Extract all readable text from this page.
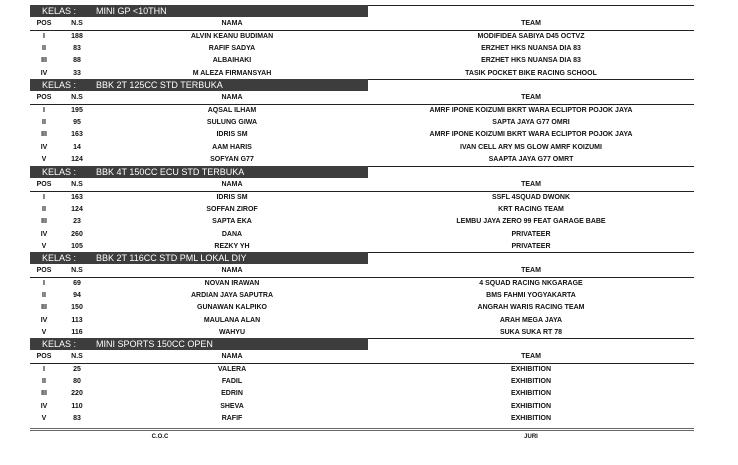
KELAS : MINI GP <10THN
POS	N.S	NAMA	TEAM
I	188	ALVIN KEANU BUDIMAN	MODIFIDEA SABIYA D45 OCTVZ
II	83	RAFIF SADYA	ERZHET HKS NUANSA DIA 83
III	88	ALBAIHAKI	ERZHET HKS NUANSA DIA 83
IV	33	M ALEZA FIRMANSYAH	TASIK POCKET BIKE RACING SCHOOL
KELAS : BBK 2T 125CC STD TERBUKA
POS	N.S	NAMA	TEAM
I	195	AQSAL ILHAM	AMRF IPONE KOIZUMI BKRT WARA ECLIPTOR POJOK JAYA
II	95	SULUNG GIWA	SAPTA JAYA G77 OMRI
III	163	IDRIS SM	AMRF IPONE KOIZUMI BKRT WARA ECLIPTOR POJOK JAYA
IV	14	AAM HARIS	IVAN CELL ARY MS GLOW AMRF KOIZUMI
V	124	SOFYAN G77	SAAPTA JAYA G77 OMRT
KELAS : BBK 4T 150CC ECU STD TERBUKA
POS	N.S	NAMA	TEAM
I	163	IDRIS SM	SSFL 4SQUAD DWONK
II	124	SOFFAN ZIROF	KRT RACING TEAM
III	23	SAPTA EKA	LEMBU JAYA ZERO 99 FEAT GARAGE BABE
IV	260	DANA	PRIVATEER
V	105	REZKY YH	PRIVATEER
KELAS : BBK 2T 116CC STD PML LOKAL DIY
POS	N.S	NAMA	TEAM
I	69	NOVAN IRAWAN	4 SQUAD RACING NKGARAGE
II	94	ARDIAN JAYA SAPUTRA	BMS FAHMI YOGYAKARTA
III	150	GUNAWAN KALPIKO	ANGRAH WARIS RACING TEAM
IV	113	MAULANA ALAN	ARAH MEGA JAYA
V	116	WAHYU	SUKA SUKA RT 78
KELAS : MINI SPORTS 150CC OPEN
POS	N.S	NAMA	TEAM
I	25	VALERA	EXHIBITION
II	80	FADIL	EXHIBITION
III	220	EDRIN	EXHIBITION
IV	110	SHEVA	EXHIBITION
V	83	RAFIF	EXHIBITION
C.O.C	JURI
